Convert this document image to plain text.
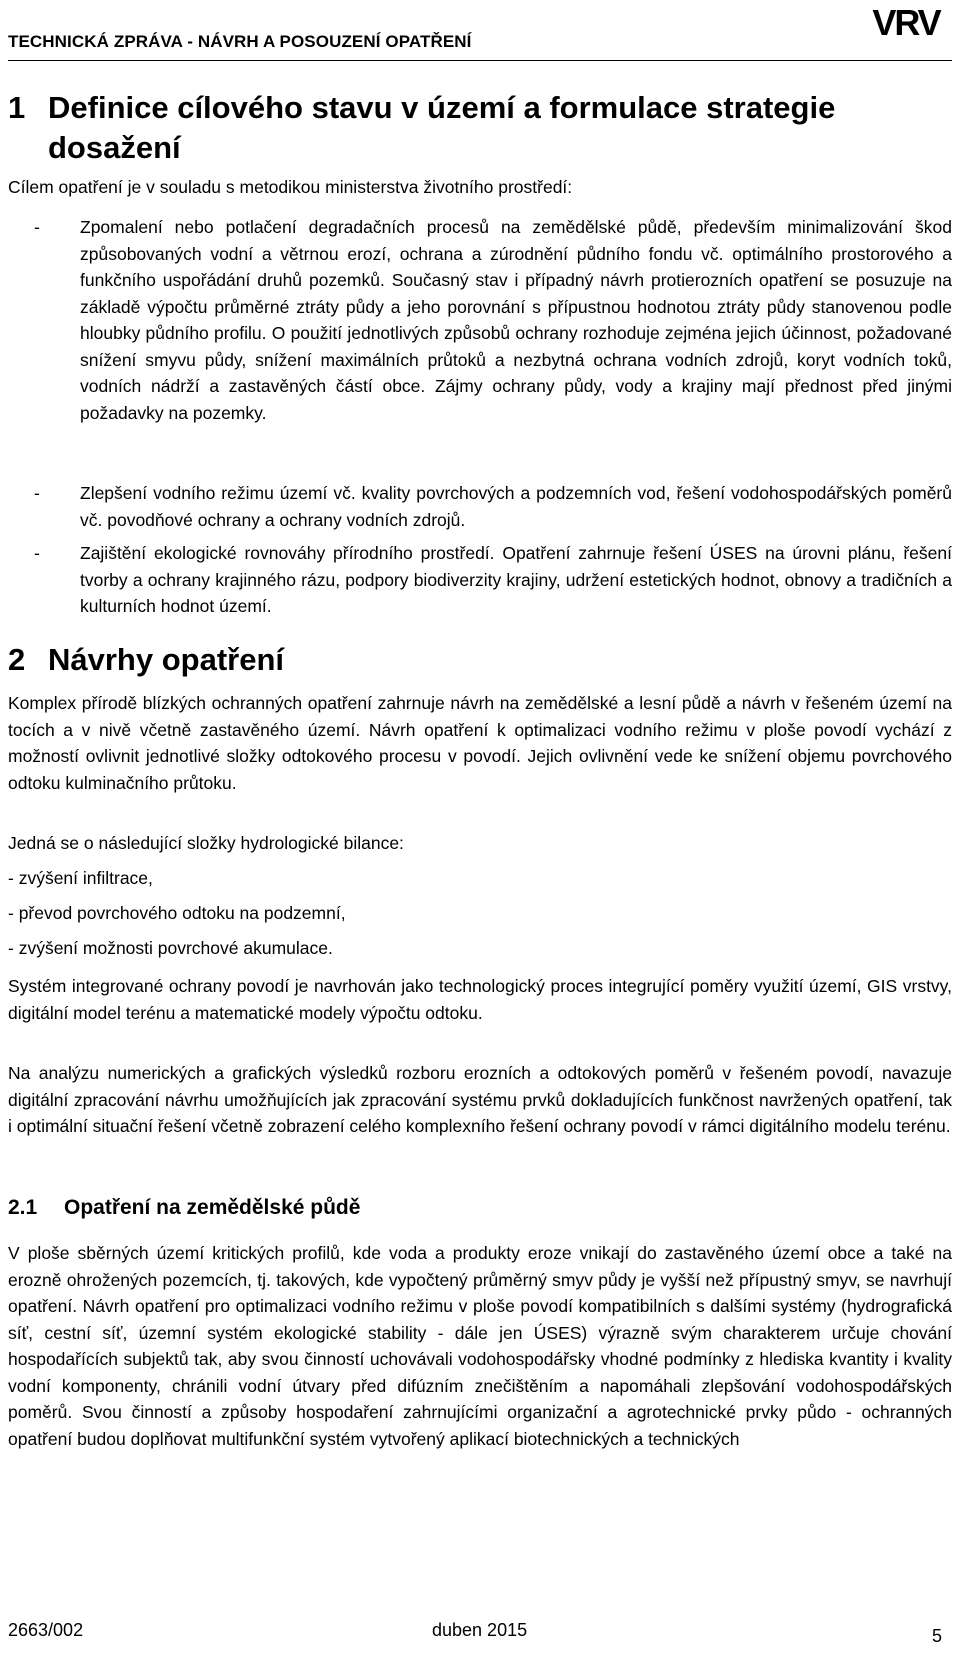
TECHNICKÁ ZPRÁVA - NÁVRH A POSOUZENÍ OPATŘENÍ	VRV
1 Definice cílového stavu v území a formulace strategie
dosažení

Cílem opatření je v souladu s metodikou ministerstva životního prostředí:

- Zpomalení nebo potlačení degradačních procesů na zemědělské půdě, především minimalizování škod způsobovaných vodní a větrnou erozí, ochrana a zúrodnění půdního fondu vč. optimálního prostorového a funkčního uspořádání druhů pozemků. Současný stav i případný návrh protierozních opatření se posuzuje na základě výpočtu průměrné ztráty půdy a jeho porovnání s přípustnou hodnotou ztráty půdy stanovenou podle hloubky půdního profilu. O použití jednotlivých způsobů ochrany rozhoduje zejména jejich účinnost, požadované snížení smyvu půdy, snížení maximálních průtoků a nezbytná ochrana vodních zdrojů, koryt vodních toků, vodních nádrží a zastavěných částí obce. Zájmy ochrany půdy, vody a krajiny mají přednost před jinými požadavky na pozemky.
- Zlepšení vodního režimu území vč. kvality povrchových a podzemních vod, řešení vodohospodářských poměrů vč. povodňové ochrany a ochrany vodních zdrojů.
- Zajištění ekologické rovnováhy přírodního prostředí. Opatření zahrnuje řešení ÚSES na úrovni plánu, řešení tvorby a ochrany krajinného rázu, podpory biodiverzity krajiny, udržení estetických hodnot, obnovy a tradičních a kulturních hodnot území.
2 Návrhy opatření

Komplex přírodě blízkých ochranných opatření zahrnuje návrh na zemědělské a lesní půdě a návrh v řešeném území na tocích a v nivě včetně zastavěného území. Návrh opatření k optimalizaci vodního režimu v ploše povodí vychází z možností ovlivnit jednotlivé složky odtokového procesu v povodí. Jejich ovlivnění vede ke snížení objemu povrchového odtoku kulminačního průtoku.

Jedná se o následující složky hydrologické bilance:

- zvýšení infiltrace,
- převod povrchového odtoku na podzemní,
- zvýšení možnosti povrchové akumulace.

Systém integrované ochrany povodí je navrhován jako technologický proces integrující poměry využití území, GIS vrstvy, digitální model terénu a matematické modely výpočtu odtoku.

Na analýzu numerických a grafických výsledků rozboru erozních a odtokových poměrů v řešeném povodí, navazuje digitální zpracování návrhu umožňujících jak zpracování systému prvků dokladujících funkčnost navržených opatření, tak i optimální situační řešení včetně zobrazení celého komplexního řešení ochrany povodí v rámci digitálního modelu terénu.

2.1 Opatření na zemědělské půdě

V ploše sběrných území kritických profilů, kde voda a produkty eroze vnikají do zastavěného území obce a také na erozně ohrožených pozemcích, tj. takových, kde vypočtený průměrný smyv půdy je vyšší než přípustný smyv, se navrhují opatření. Návrh opatření pro optimalizaci vodního režimu v ploše povodí kompatibilních s dalšími systémy (hydrografická síť, cestní síť, územní systém ekologické stability - dále jen ÚSES) výrazně svým charakterem určuje chování hospodařících subjektů tak, aby svou činností uchovávali vodohospodářsky vhodné podmínky z hlediska kvantity i kvality vodní komponenty, chránili vodní útvary před difúzním znečištěním a napomáhali zlepšování vodohospodářských poměrů. Svou činností a způsoby hospodaření zahrnujícími organizační a agrotechnické prvky půdo - ochranných opatření budou doplňovat multifunkční systém vytvořený aplikací biotechnických a technických

2663/002	duben 2015	5
